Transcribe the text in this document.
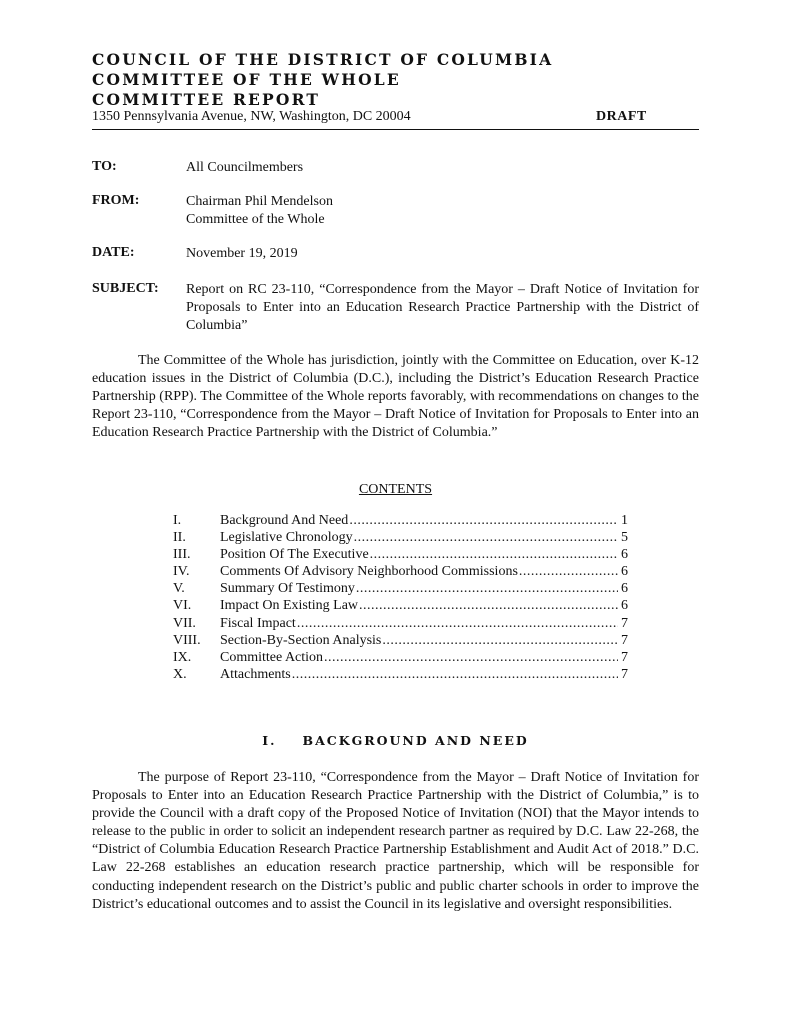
COUNCIL OF THE DISTRICT OF COLUMBIA
COMMITTEE OF THE WHOLE
COMMITTEE REPORT
1350 Pennsylvania Avenue, NW, Washington, DC 20004	DRAFT
TO:	All Councilmembers
FROM:	Chairman Phil Mendelson
Committee of the Whole
DATE:	November 19, 2019
SUBJECT: Report on RC 23-110, “Correspondence from the Mayor – Draft Notice of Invitation for Proposals to Enter into an Education Research Practice Partnership with the District of Columbia”
The Committee of the Whole has jurisdiction, jointly with the Committee on Education, over K-12 education issues in the District of Columbia (D.C.), including the District’s Education Research Practice Partnership (RPP). The Committee of the Whole reports favorably, with recommendations on changes to the Report 23-110, “Correspondence from the Mayor – Draft Notice of Invitation for Proposals to Enter into an Education Research Practice Partnership with the District of Columbia.”
CONTENTS
I.	Background And Need .....	1
II.	Legislative Chronology .....	5
III.	Position Of The Executive .....	6
IV.	Comments Of Advisory Neighborhood Commissions .....	6
V.	Summary Of Testimony .....	6
VI.	Impact On Existing Law .....	6
VII.	Fiscal Impact .....	7
VIII.	Section-By-Section Analysis .....	7
IX.	Committee Action .....	7
X.	Attachments .....	7
I. BACKGROUND AND NEED
The purpose of Report 23-110, “Correspondence from the Mayor – Draft Notice of Invitation for Proposals to Enter into an Education Research Practice Partnership with the District of Columbia,” is to provide the Council with a draft copy of the Proposed Notice of Invitation (NOI) that the Mayor intends to release to the public in order to solicit an independent research partner as required by D.C. Law 22-268, the “District of Columbia Education Research Practice Partnership Establishment and Audit Act of 2018.” D.C. Law 22-268 establishes an education research practice partnership, which will be responsible for conducting independent research on the District’s public and public charter schools in order to improve the District’s educational outcomes and to assist the Council in its legislative and oversight responsibilities.
